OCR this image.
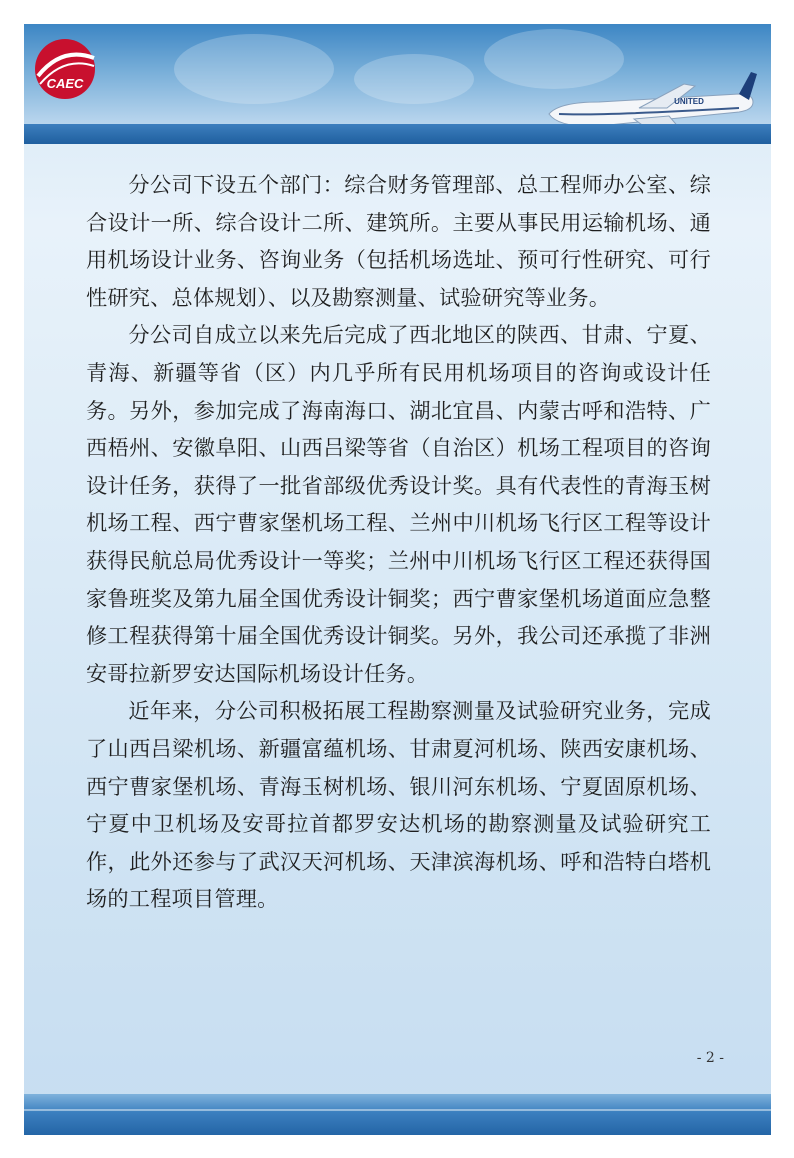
CAEC
UNITED

分公司下设五个部门：综合财务管理部、总工程师办公室、综合设计一所、综合设计二所、建筑所。主要从事民用运输机场、通用机场设计业务、咨询业务（包括机场选址、预可行性研究、可行性研究、总体规划）、以及勘察测量、试验研究等业务。

分公司自成立以来先后完成了西北地区的陕西、甘肃、宁夏、青海、新疆等省（区）内几乎所有民用机场项目的咨询或设计任务。另外，参加完成了海南海口、湖北宜昌、内蒙古呼和浩特、广西梧州、安徽阜阳、山西吕梁等省（自治区）机场工程项目的咨询设计任务，获得了一批省部级优秀设计奖。具有代表性的青海玉树机场工程、西宁曹家堡机场工程、兰州中川机场飞行区工程等设计获得民航总局优秀设计一等奖；兰州中川机场飞行区工程还获得国家鲁班奖及第九届全国优秀设计铜奖；西宁曹家堡机场道面应急整修工程获得第十届全国优秀设计铜奖。另外，我公司还承揽了非洲安哥拉新罗安达国际机场设计任务。

近年来，分公司积极拓展工程勘察测量及试验研究业务，完成了山西吕梁机场、新疆富蕴机场、甘肃夏河机场、陕西安康机场、西宁曹家堡机场、青海玉树机场、银川河东机场、宁夏固原机场、宁夏中卫机场及安哥拉首都罗安达机场的勘察测量及试验研究工作，此外还参与了武汉天河机场、天津滨海机场、呼和浩特白塔机场的工程项目管理。

- 2 -
